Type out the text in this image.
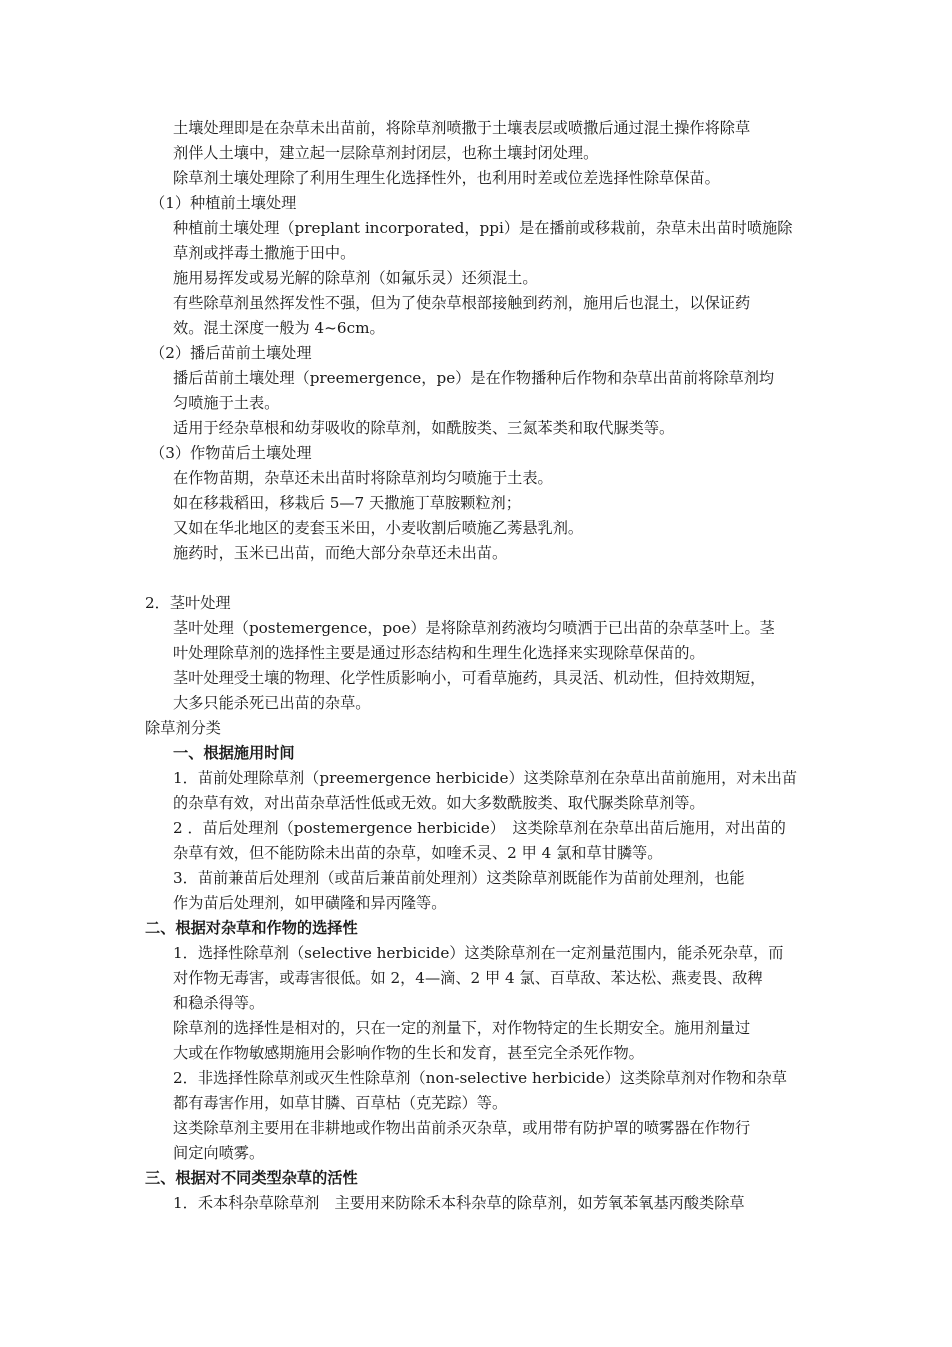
土壤处理即是在杂草未出苗前，将除草剂喷撒于土壤表层或喷撒后通过混土操作将除草

剂伴人土壤中，建立起一层除草剂封闭层，也称土壤封闭处理。

除草剂土壤处理除了利用生理生化选择性外，也利用时差或位差选择性除草保苗。

（1）种植前土壤处理

种植前土壤处理（preplant incorporated，ppi）是在播前或移栽前，杂草未出苗时喷施除

草剂或拌毒土撒施于田中。

施用易挥发或易光解的除草剂（如氟乐灵）还须混土。

有些除草剂虽然挥发性不强，但为了使杂草根部接触到药剂，施用后也混土，以保证药

效。混土深度一般为 4~6cm。

（2）播后苗前土壤处理

播后苗前土壤处理（preemergence，pe）是在作物播种后作物和杂草出苗前将除草剂均

匀喷施于土表。

适用于经杂草根和幼芽吸收的除草剂，如酰胺类、三氮苯类和取代脲类等。

（3）作物苗后土壤处理

在作物苗期，杂草还未出苗时将除草剂均匀喷施于土表。

如在移栽稻田，移栽后 5—7 天撒施丁草胺颗粒剂；

又如在华北地区的麦套玉米田，小麦收割后喷施乙莠悬乳剂。

施药时，玉米已出苗，而绝大部分杂草还未出苗。

2．茎叶处理

茎叶处理（postemergence，poe）是将除草剂药液均匀喷洒于已出苗的杂草茎叶上。茎

叶处理除草剂的选择性主要是通过形态结构和生理生化选择来实现除草保苗的。

茎叶处理受土壤的物理、化学性质影响小，可看草施药，具灵活、机动性，但持效期短，

大多只能杀死已出苗的杂草。

除草剂分类

一、根据施用时间

1．苗前处理除草剂（preemergence herbicide）这类除草剂在杂草出苗前施用，对未出苗

的杂草有效，对出苗杂草活性低或无效。如大多数酰胺类、取代脲类除草剂等。

2 ．苗后处理剂（postemergence herbicide）　这类除草剂在杂草出苗后施用，对出苗的

杂草有效，但不能防除未出苗的杂草，如喹禾灵、2 甲 4 氯和草甘膦等。

3．苗前兼苗后处理剂（或苗后兼苗前处理剂）这类除草剂既能作为苗前处理剂，也能

作为苗后处理剂，如甲磺隆和异丙隆等。

二、根据对杂草和作物的选择性

1．选择性除草剂（selective herbicide）这类除草剂在一定剂量范围内，能杀死杂草，而

对作物无毒害，或毒害很低。如 2，4—滴、2 甲 4 氯、百草敌、苯达松、燕麦畏、敌稗

和稳杀得等。

除草剂的选择性是相对的，只在一定的剂量下，对作物特定的生长期安全。施用剂量过

大或在作物敏感期施用会影响作物的生长和发育，甚至完全杀死作物。

2．非选择性除草剂或灭生性除草剂（non-selective herbicide）这类除草剂对作物和杂草

都有毒害作用，如草甘膦、百草枯（克芜踪）等。

这类除草剂主要用在非耕地或作物出苗前杀灭杂草，或用带有防护罩的喷雾器在作物行

间定向喷雾。

三、根据对不同类型杂草的活性

1．禾本科杂草除草剂　主要用来防除禾本科杂草的除草剂，如芳氧苯氧基丙酸类除草
